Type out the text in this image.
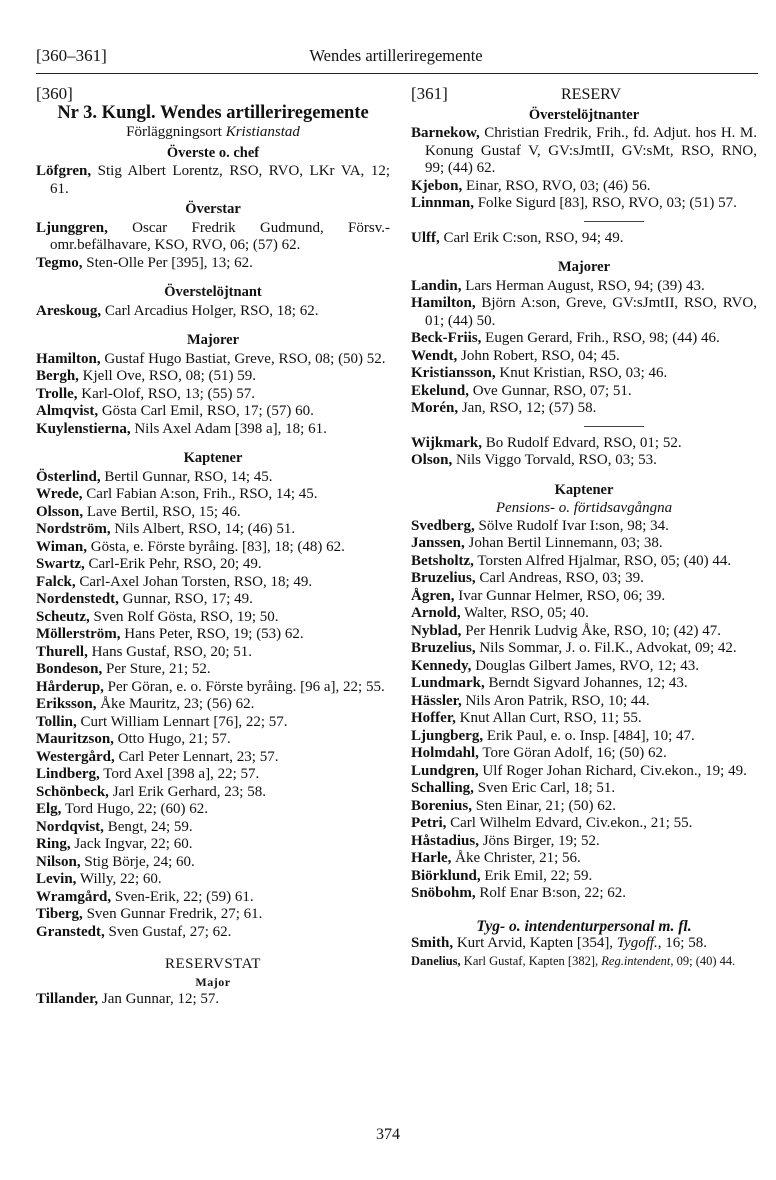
[360–361]	Wendes artilleriregemente

[360]

Nr 3. Kungl. Wendes artilleriregemente

Förläggningsort Kristianstad

Överste o. chef

Löfgren, Stig Albert Lorentz, RSO, RVO, LKr VA, 12; 61.

Överstar

Ljunggren, Oscar Fredrik Gudmund, Försv.-omr.befälhavare, KSO, RVO, 06; (57) 62.

Tegmo, Sten-Olle Per [395], 13; 62.

Överstelöjtnant

Areskoug, Carl Arcadius Holger, RSO, 18; 62.

Majorer

Hamilton, Gustaf Hugo Bastiat, Greve, RSO, 08; (50) 52.

Bergh, Kjell Ove, RSO, 08; (51) 59.

Trolle, Karl-Olof, RSO, 13; (55) 57.

Almqvist, Gösta Carl Emil, RSO, 17; (57) 60.

Kuylenstierna, Nils Axel Adam [398 a], 18; 61.

Kaptener

Österlind, Bertil Gunnar, RSO, 14; 45.

Wrede, Carl Fabian A:son, Frih., RSO, 14; 45.

Olsson, Lave Bertil, RSO, 15; 46.

Nordström, Nils Albert, RSO, 14; (46) 51.

Wiman, Gösta, e. Förste byråing. [83], 18; (48) 62.

Swartz, Carl-Erik Pehr, RSO, 20; 49.

Falck, Carl-Axel Johan Torsten, RSO, 18; 49.

Nordenstedt, Gunnar, RSO, 17; 49.

Scheutz, Sven Rolf Gösta, RSO, 19; 50.

Möllerström, Hans Peter, RSO, 19; (53) 62.

Thurell, Hans Gustaf, RSO, 20; 51.

Bondeson, Per Sture, 21; 52.

Hårderup, Per Göran, e. o. Förste byråing. [96 a], 22; 55.

Eriksson, Åke Mauritz, 23; (56) 62.

Tollin, Curt William Lennart [76], 22; 57.

Mauritzson, Otto Hugo, 21; 57.

Westergård, Carl Peter Lennart, 23; 57.

Lindberg, Tord Axel [398 a], 22; 57.

Schönbeck, Jarl Erik Gerhard, 23; 58.

Elg, Tord Hugo, 22; (60) 62.

Nordqvist, Bengt, 24; 59.

Ring, Jack Ingvar, 22; 60.

Nilson, Stig Börje, 24; 60.

Levin, Willy, 22; 60.

Wramgård, Sven-Erik, 22; (59) 61.

Tiberg, Sven Gunnar Fredrik, 27; 61.

Granstedt, Sven Gustaf, 27; 62.

RESERVSTAT

Major

Tillander, Jan Gunnar, 12; 57.

[361]	RESERV

Överstelöjtnanter

Barnekow, Christian Fredrik, Frih., fd. Adjut. hos H. M. Konung Gustaf V, GV:sJmtII, GV:sMt, RSO, RNO, 99; (44) 62.

Kjebon, Einar, RSO, RVO, 03; (46) 56.

Linnman, Folke Sigurd [83], RSO, RVO, 03; (51) 57.

Ulff, Carl Erik C:son, RSO, 94; 49.

Majorer

Landin, Lars Herman August, RSO, 94; (39) 43.

Hamilton, Björn A:son, Greve, GV:sJmtII, RSO, RVO, 01; (44) 50.

Beck-Friis, Eugen Gerard, Frih., RSO, 98; (44) 46.

Wendt, John Robert, RSO, 04; 45.

Kristiansson, Knut Kristian, RSO, 03; 46.

Ekelund, Ove Gunnar, RSO, 07; 51.

Morén, Jan, RSO, 12; (57) 58.

Wijkmark, Bo Rudolf Edvard, RSO, 01; 52.

Olson, Nils Viggo Torvald, RSO, 03; 53.

Kaptener

Pensions- o. förtidsavgångna

Svedberg, Sölve Rudolf Ivar I:son, 98; 34.

Janssen, Johan Bertil Linnemann, 03; 38.

Betsholtz, Torsten Alfred Hjalmar, RSO, 05; (40) 44.

Bruzelius, Carl Andreas, RSO, 03; 39.

Ågren, Ivar Gunnar Helmer, RSO, 06; 39.

Arnold, Walter, RSO, 05; 40.

Nyblad, Per Henrik Ludvig Åke, RSO, 10; (42) 47.

Bruzelius, Nils Sommar, J. o. Fil.K., Advokat, 09; 42.

Kennedy, Douglas Gilbert James, RVO, 12; 43.

Lundmark, Berndt Sigvard Johannes, 12; 43.

Hässler, Nils Aron Patrik, RSO, 10; 44.

Hoffer, Knut Allan Curt, RSO, 11; 55.

Ljungberg, Erik Paul, e. o. Insp. [484], 10; 47.

Holmdahl, Tore Göran Adolf, 16; (50) 62.

Lundgren, Ulf Roger Johan Richard, Civ.ekon., 19; 49.

Schalling, Sven Eric Carl, 18; 51.

Borenius, Sten Einar, 21; (50) 62.

Petri, Carl Wilhelm Edvard, Civ.ekon., 21; 55.

Håstadius, Jöns Birger, 19; 52.

Harle, Åke Christer, 21; 56.

Biörklund, Erik Emil, 22; 59.

Snöbohm, Rolf Enar B:son, 22; 62.

Tyg- o. intendenturpersonal m. fl.

Smith, Kurt Arvid, Kapten [354], Tygoff., 16; 58.

Danelius, Karl Gustaf, Kapten [382], Reg.intendent, 09; (40) 44.

374
